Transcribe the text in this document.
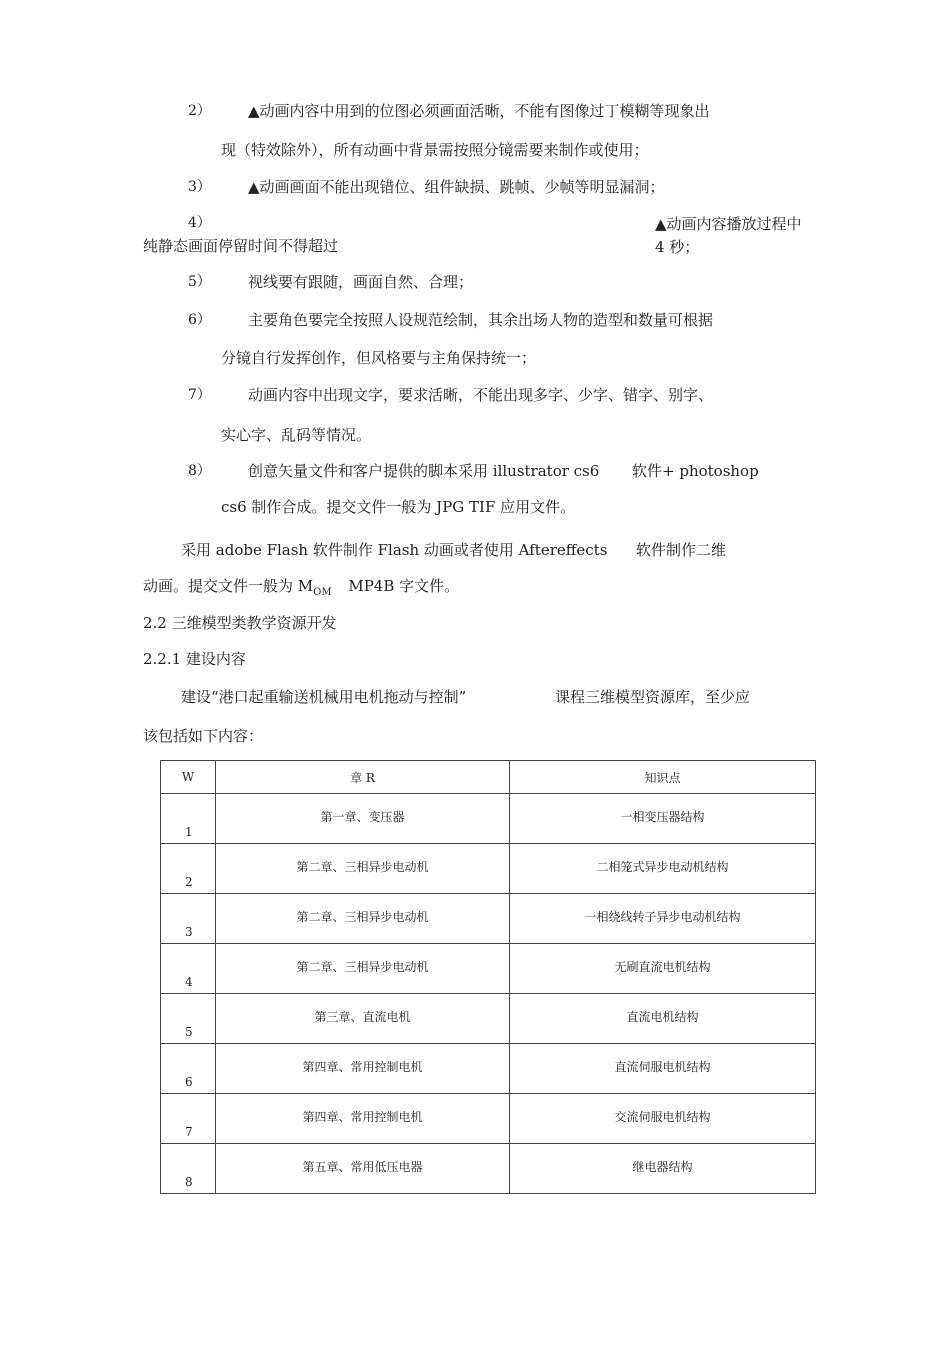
2） ▲动画内容中用到的位图必须画面活晰，不能有图像过丁模糊等现象出
现（特效除外），所有动画中背景需按照分镜需要来制作或使用；
3） ▲动画画面不能出现错位、组件缺损、跳帧、少帧等明显漏洞；
4）	▲动画内容播放过程中
纯静态画面停留时间不得超过	4 秒；
5） 视线要有跟随，画面自然、合理；
6） 主要角色要完全按照人设规范绘制，其余出场人物的造型和数量可根据
分镜自行发挥创作，但风格要与主角保持统一；
7） 动画内容中出现文字，要求活晰，不能出现多字、少字、错字、别字、
实心字、乱码等情况。
8） 创意矢量文件和客户提供的脚本采用 illustrator cs6 软件+ photoshop
cs6 制作合成。提交文件一般为 JPG TIF 应用文件。
采用 adobe Flash 软件制作 Flash 动画或者使用 Aftereffects 软件制作二维
动画。提交文件一般为 $M_{OM}$ MP4B 字文件。
2.2 三维模型类教学资源开发
2.2.1 建设内容
建设“港口起重输送机械用电机拖动与控制”	课程三维模型资源库，至少应
该包括如下内容：
W	章 R	知识点

1	第一章、变压器	一相变压器结构

2	第二章、三相异步电动机	二相笼式异步电动机结构

3	第二章、三相异步电动机	一相绕线转子异步电动机结构

4	第二章、三相异步电动机	无刷直流电机结构

5	第三章、直流电机	直流电机结构

6	第四章、常用控制电机	直流伺服电机结构

7	第四章、常用控制电机	交流伺服电机结构

8	第五章、常用低压电器	继电器结构
